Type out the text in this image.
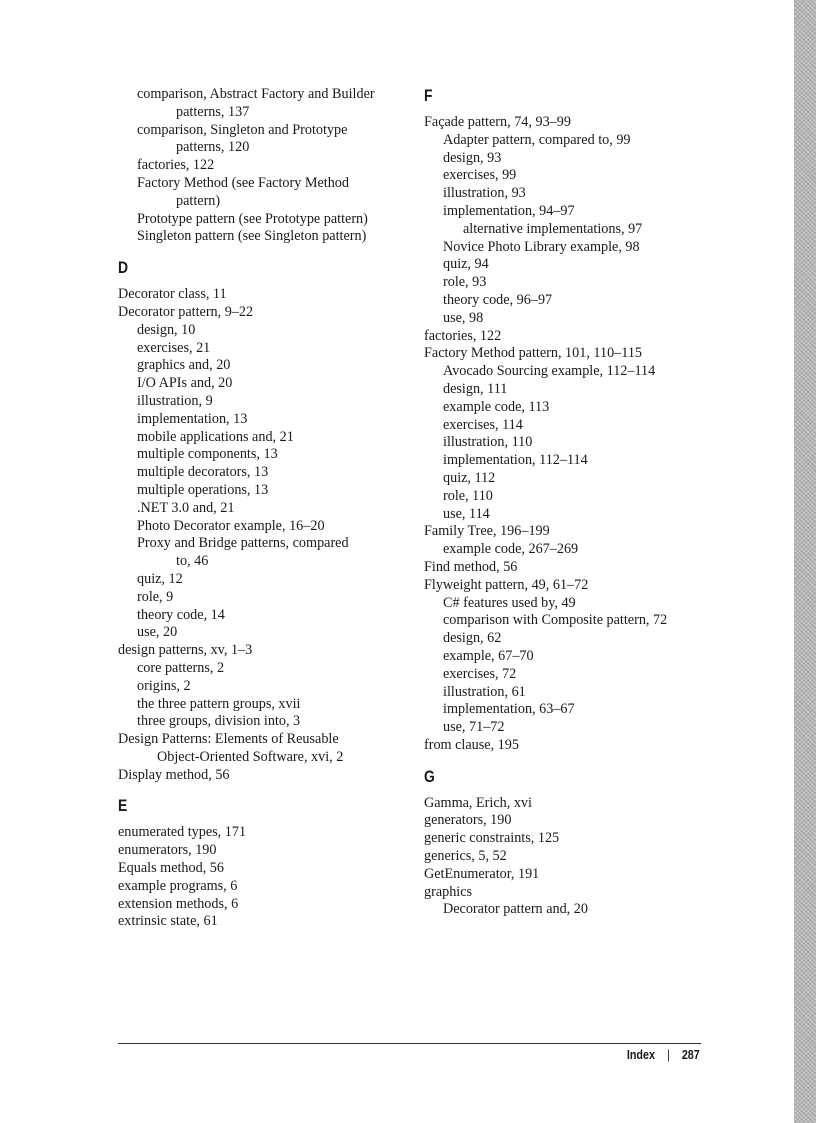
comparison, Abstract Factory and Builder
patterns, 137
comparison, Singleton and Prototype
patterns, 120
factories, 122
Factory Method (see Factory Method
pattern)
Prototype pattern (see Prototype pattern)
Singleton pattern (see Singleton pattern)
D
Decorator class, 11
Decorator pattern, 9–22
design, 10
exercises, 21
graphics and, 20
I/O APIs and, 20
illustration, 9
implementation, 13
mobile applications and, 21
multiple components, 13
multiple decorators, 13
multiple operations, 13
.NET 3.0 and, 21
Photo Decorator example, 16–20
Proxy and Bridge patterns, compared
to, 46
quiz, 12
role, 9
theory code, 14
use, 20
design patterns, xv, 1–3
core patterns, 2
origins, 2
the three pattern groups, xvii
three groups, division into, 3
Design Patterns: Elements of Reusable
Object-Oriented Software, xvi, 2
Display method, 56
E
enumerated types, 171
enumerators, 190
Equals method, 56
example programs, 6
extension methods, 6
extrinsic state, 61
F
Façade pattern, 74, 93–99
Adapter pattern, compared to, 99
design, 93
exercises, 99
illustration, 93
implementation, 94–97
alternative implementations, 97
Novice Photo Library example, 98
quiz, 94
role, 93
theory code, 96–97
use, 98
factories, 122
Factory Method pattern, 101, 110–115
Avocado Sourcing example, 112–114
design, 111
example code, 113
exercises, 114
illustration, 110
implementation, 112–114
quiz, 112
role, 110
use, 114
Family Tree, 196–199
example code, 267–269
Find method, 56
Flyweight pattern, 49, 61–72
C# features used by, 49
comparison with Composite pattern, 72
design, 62
example, 67–70
exercises, 72
illustration, 61
implementation, 63–67
use, 71–72
from clause, 195
G
Gamma, Erich, xvi
generators, 190
generic constraints, 125
generics, 5, 52
GetEnumerator, 191
graphics
Decorator pattern and, 20
Index | 287
